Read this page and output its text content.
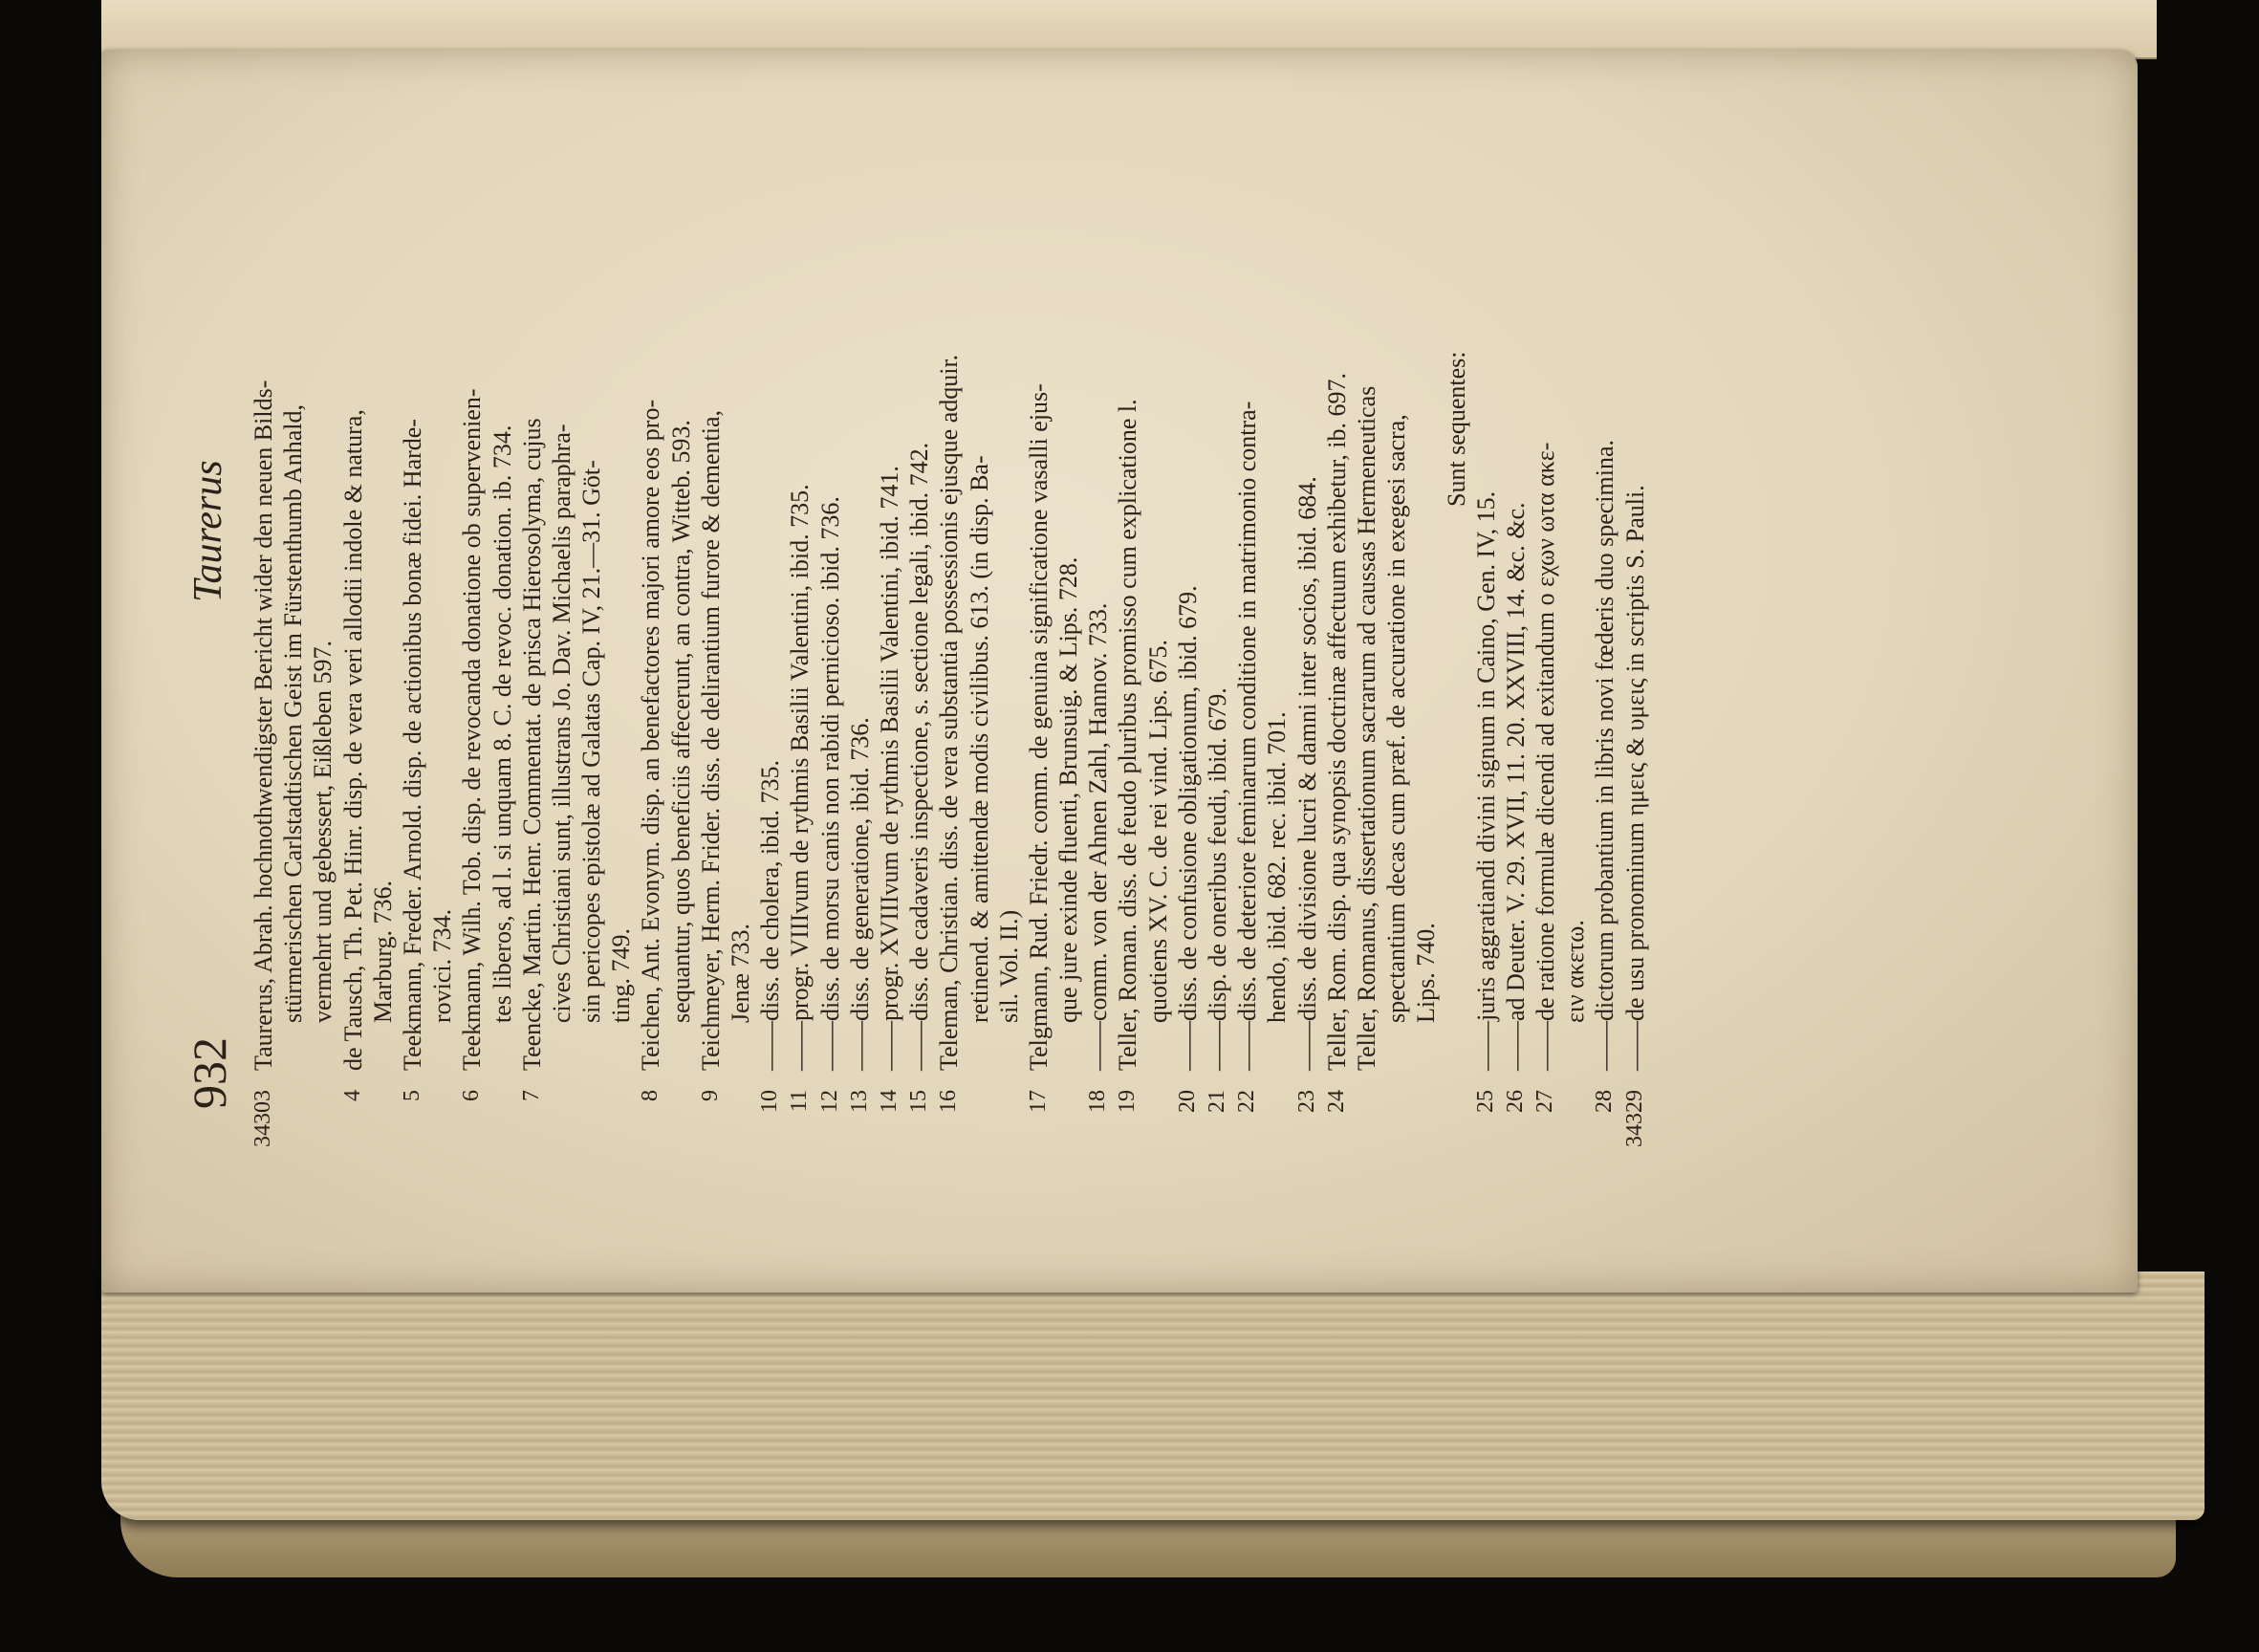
932
Taurerus
34303
Taurerus, Abrah. hochnothwendigster Bericht wider den neuen Bilds- stürmerischen Carlstadtischen Geist im Fürstenthumb Anhald, vermehrt und gebessert, Eißleben 597.
4
de Tausch, Th. Pet. Hinr. disp. de vera veri allodii indole & natura, Marburg. 736.
5
Teekmann, Freder. Arnold. disp. de actionibus bonæ fidei. Harde- rovici. 734.
6
Teekmann, Wilh. Tob. disp. de revocanda donatione ob supervenien- tes liberos, ad l. si unquam 8. C. de revoc. donation. ib. 734.
7
Teencke, Martin. Henr. Commentat. de prisca Hierosolyma, cujus cives Christiani sunt, illustrans Jo. Dav. Michaelis paraphra- sin pericopes epistolæ ad Galatas Cap. IV, 21.—31. Göt- ting. 749.
8
Teichen, Ant. Evonym. disp. an benefactores majori amore eos pro- sequantur, quos beneficiis affecerunt, an contra, Witteb. 593.
9
Teichmeyer, Herm. Frider. diss. de delirantium furore & dementia, Jenæ 733.
10
——diss. de cholera, ibid. 735.
11
——progr. VIIIvum de rythmis Basilii Valentini, ibid. 735.
12
——diss. de morsu canis non rabidi pernicioso. ibid. 736.
13
——diss. de generatione, ibid. 736.
14
——progr. XVIIIvum de rythmis Basilii Valentini, ibid. 741.
15
——diss. de cadaveris inspectione, s. sectione legali, ibid. 742.
16
Teleman, Christian. diss. de vera substantia possessionis ejusque adquir. retinend. & amittendæ modis civilibus. 613. (in disp. Ba- sil. Vol. II.)
17
Telgmann, Rud. Friedr. comm. de genuina significatione vasalli ejus- que jure exinde fluenti, Brunsuig. & Lips. 728.
18
——comm. von der Ahnen Zahl, Hannov. 733.
19
Teller, Roman. diss. de feudo pluribus promisso cum explicatione l. quotiens XV. C. de rei vind. Lips. 675.
20
——diss. de confusione obligationum, ibid. 679.
21
——disp. de oneribus feudi, ibid. 679.
22
——diss. de deteriore feminarum conditione in matrimonio contra- hendo, ibid. 682. rec. ibid. 701.
23
——diss. de divisione lucri & damni inter socios, ibid. 684.
24
Teller, Rom. disp. qua synopsis doctrinæ affectuum exhibetur, ib. 697. Teller, Romanus, dissertationum sacrarum ad caussas Hermeneuticas spectantium decas cum præf. de accuratione in exegesi sacra, Lips. 740.
Sunt sequentes:
25
——juris aggratiandi divini signum in Caino, Gen. IV, 15.
26
——ad Deuter. V. 29. XVII, 11. 20. XXVIII, 14. &c. &c.
27
——de ratione formulæ dicendi ad exitandum ο εχων ωτα ακε- ειν ακετω.
28
——dictorum probantium in libris novi fœderis duo specimina.
34329
——de usu pronominum ημεις & υμεις in scriptis S. Pauli.
